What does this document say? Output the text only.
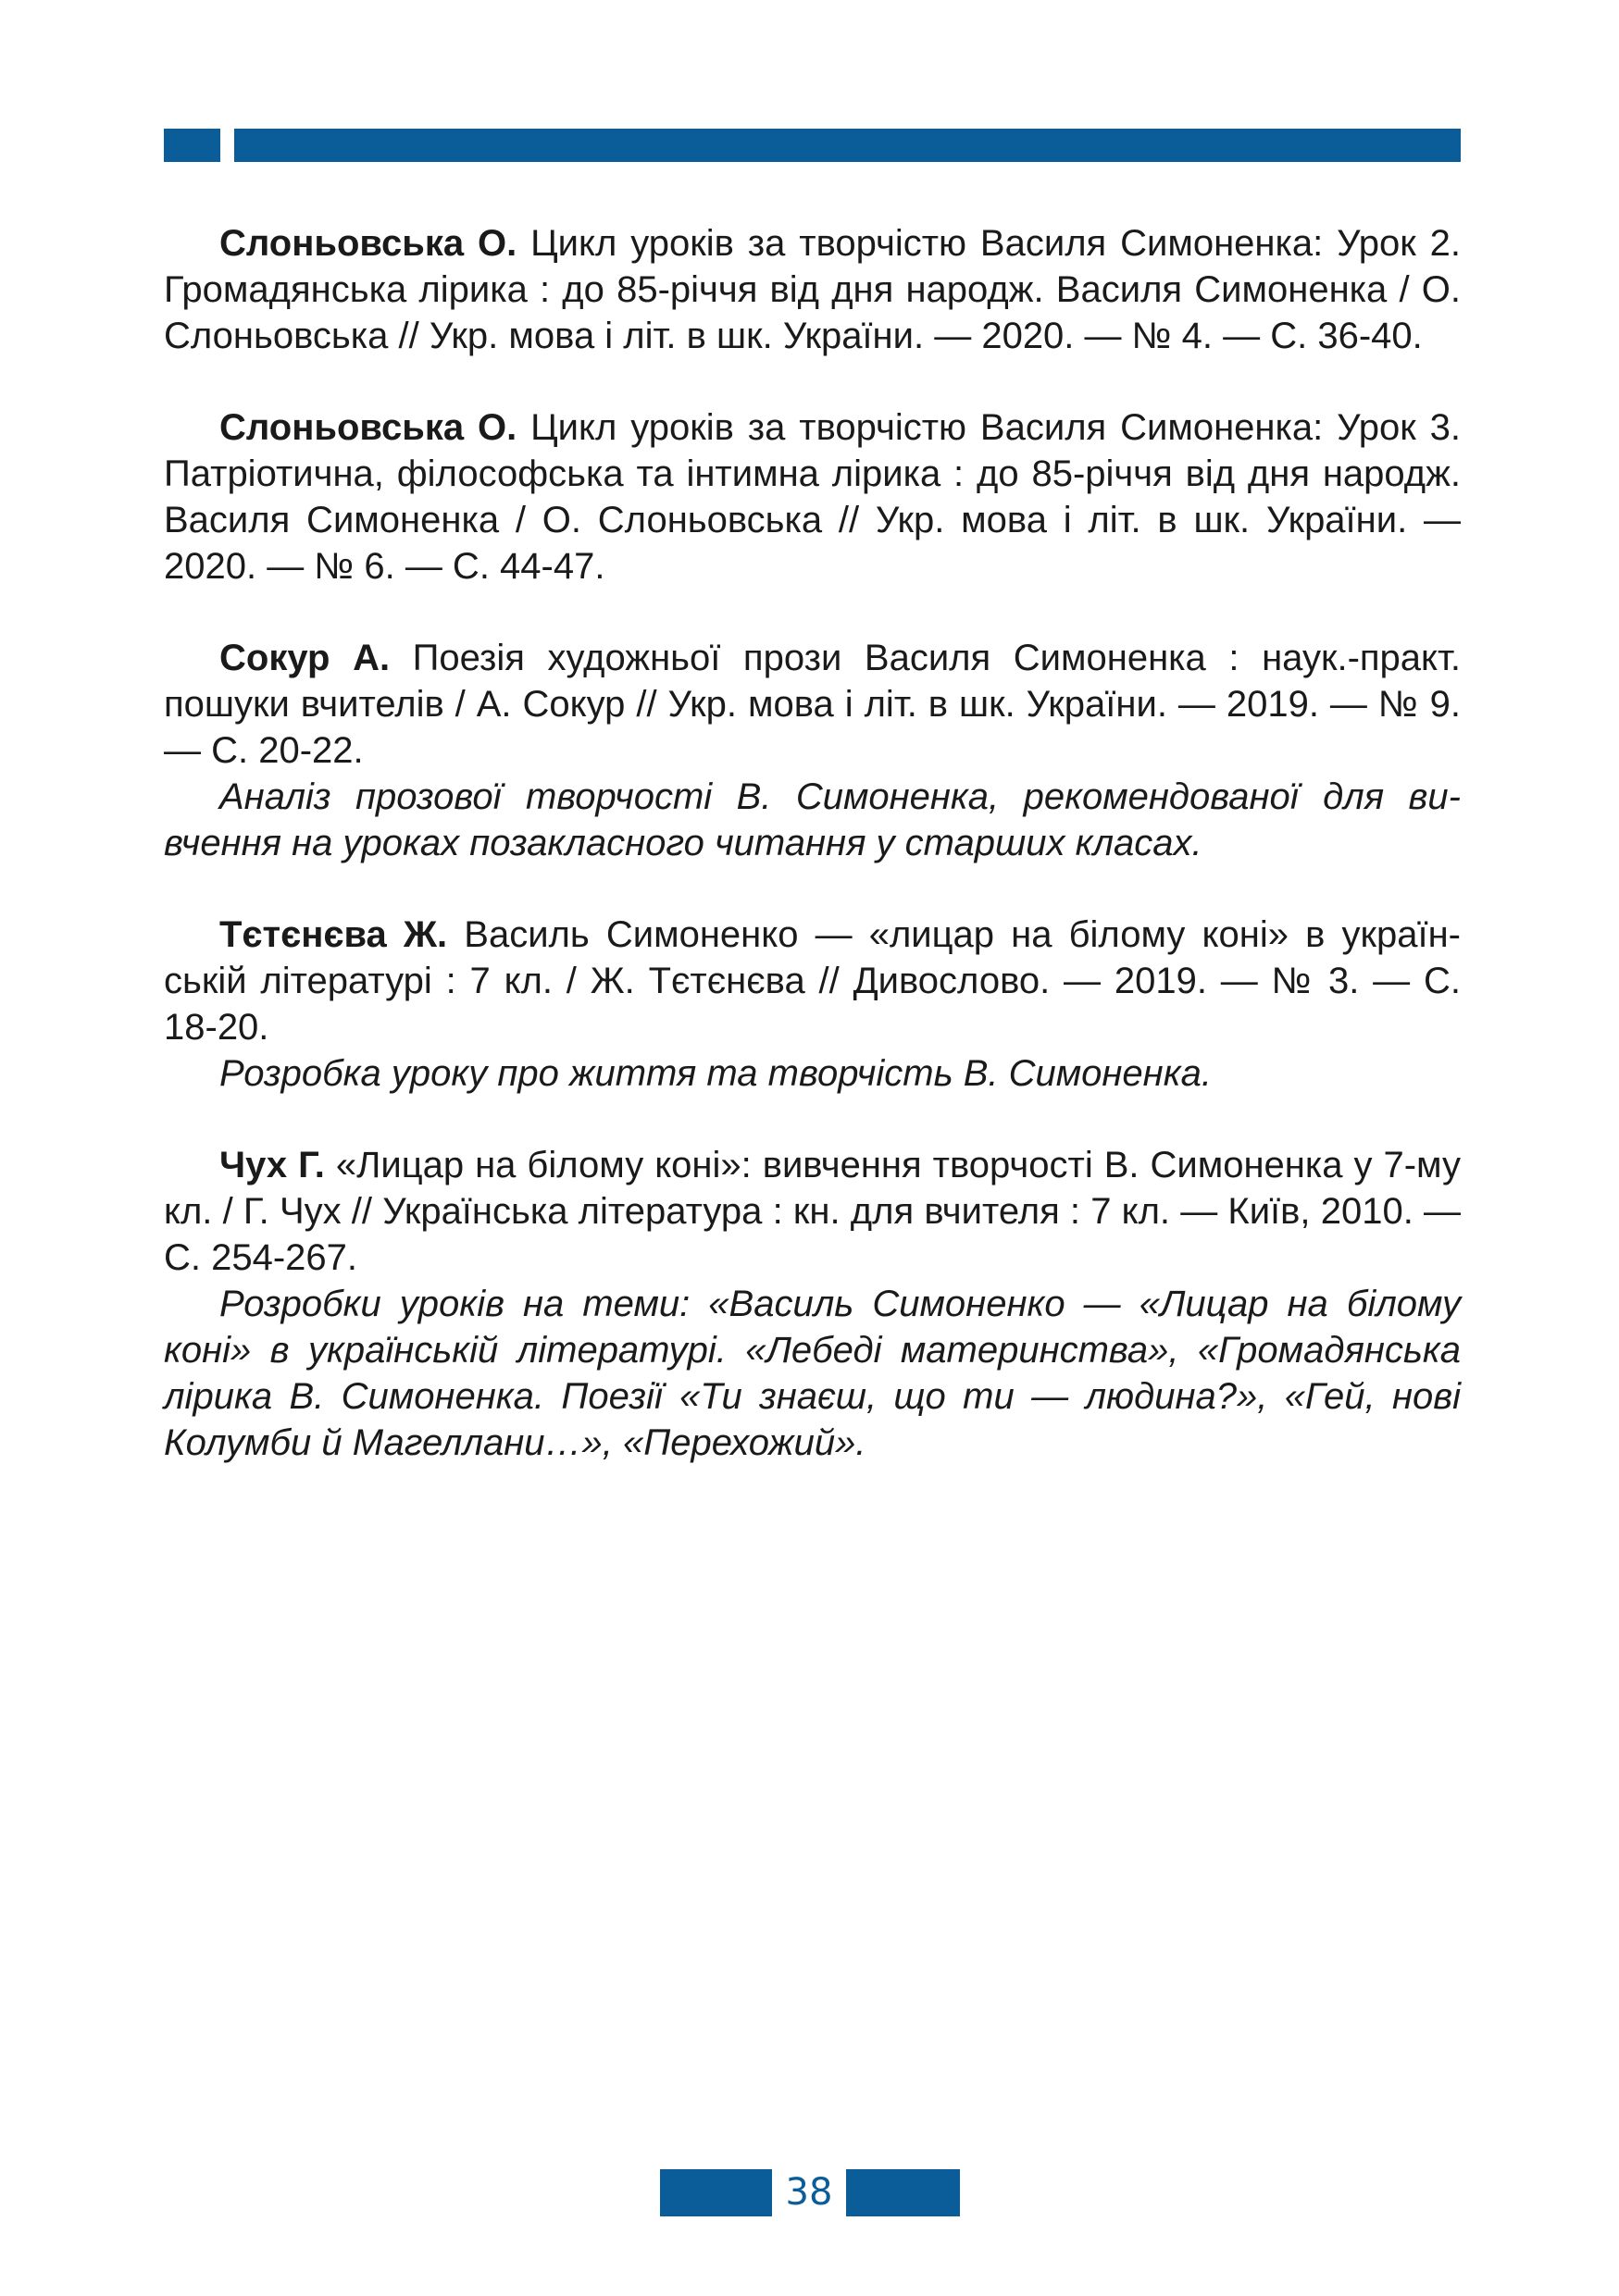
Слоньовська О. Цикл уроків за творчістю Василя Симоненка: Урок 2. Громадянська лірика : до 85-річчя від дня народж. Василя Симоненка / О. Слоньовська // Укр. мова і літ. в шк. України. — 2020. — № 4. — С. 36-40.

Слоньовська О. Цикл уроків за творчістю Василя Симоненка: Урок 3. Патріотична, філософська та інтимна лірика : до 85-річчя від дня народж. Василя Симоненка / О. Слоньовська // Укр. мова і літ. в шк. України. — 2020. — № 6. — С. 44-47.

Сокур А. Поезія художньої прози Василя Симоненка : наук.-практ. пошуки вчителів / А. Сокур // Укр. мова і літ. в шк. України. — 2019. — № 9. — С. 20-22.

Аналіз прозової творчості В. Симоненка, рекомендованої для вивчення на уроках позакласного читання у старших класах.

Тєтєнєва Ж. Василь Симоненко — «лицар на білому коні» в українській літературі : 7 кл. / Ж. Тєтєнєва // Дивослово. — 2019. — № 3. — С. 18-20.

Розробка уроку про життя та творчість В. Симоненка.

Чух Г. «Лицар на білому коні»: вивчення творчості В. Симоненка у 7-му кл. / Г. Чух // Українська література : кн. для вчителя : 7 кл. — Київ, 2010. — С. 254-267.

Розробки уроків на теми: «Василь Симоненко — «Лицар на білому коні» в українській літературі. «Лебеді материнства», «Громадянська лірика В. Симоненка. Поезії «Ти знаєш, що ти — людина?», «Гей, нові Колумби й Магеллани…», «Перехожий».

38
